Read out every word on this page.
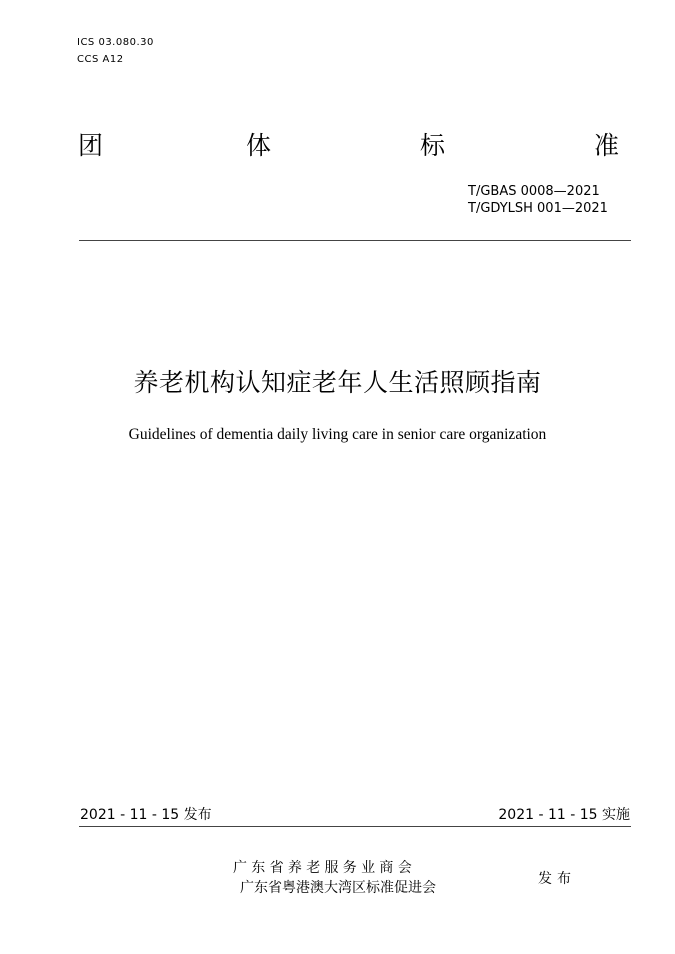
ICS 03.080.30
CCS A12
团	体	标	准
T/GBAS 0008—2021
T/GDYLSH 001—2021
养老机构认知症老年人生活照顾指南
Guidelines of dementia daily living care in senior care organization
2021 - 11 - 15 发布	2021 - 11 - 15 实施
广东省养老服务业商会
广东省粤港澳大湾区标准促进会
发布
